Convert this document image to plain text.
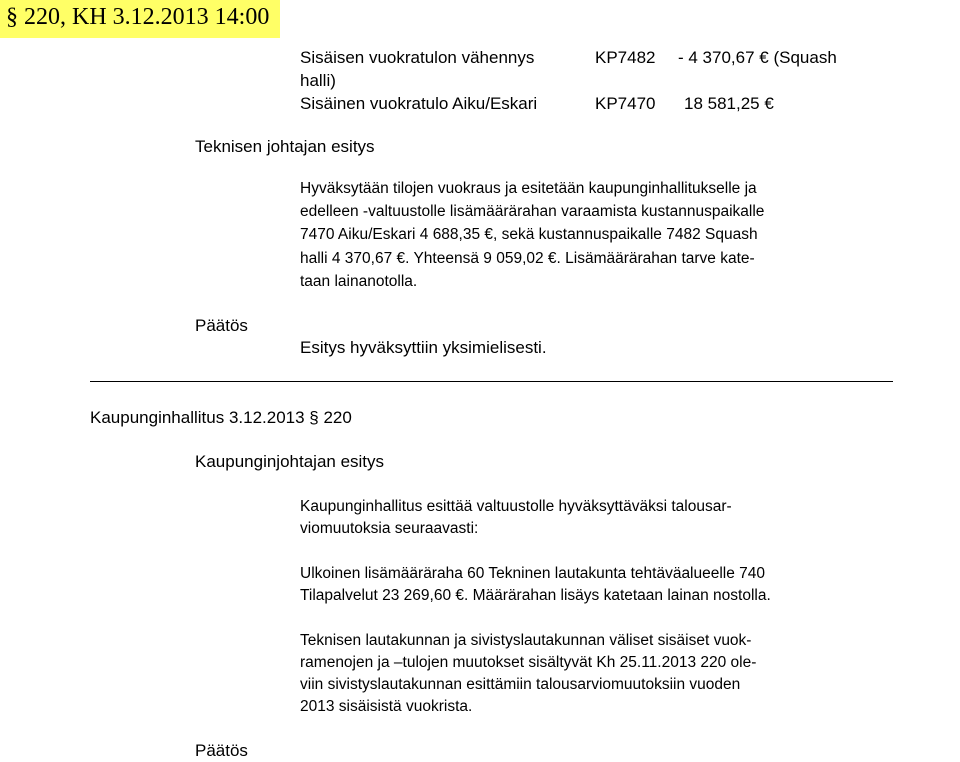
§ 220, KH 3.12.2013 14:00
Sisäisen vuokratulon vähennys	KP7482 - 4 370,67 € (Squash
halli)
Sisäinen vuokratulo Aiku/Eskari	KP7470 18 581,25 €
Teknisen johtajan esitys
Hyväksytään tilojen vuokraus ja esitetään kaupunginhallitukselle ja
edelleen -valtuustolle lisämäärärahan varaamista kustannuspaikalle
7470 Aiku/Eskari 4 688,35 €, sekä kustannuspaikalle 7482 Squash
halli 4 370,67 €. Yhteensä 9 059,02 €. Lisämäärärahan tarve kate-
taan lainanotolla.
Päätös
Esitys hyväksyttiin yksimielisesti.
Kaupunginhallitus 3.12.2013 § 220
Kaupunginjohtajan esitys
Kaupunginhallitus esittää valtuustolle hyväksyttäväksi talousar-
viomuutoksia seuraavasti:
Ulkoinen lisämääräraha 60 Tekninen lautakunta tehtäväalueelle 740
Tilapalvelut 23 269,60 €. Määrärahan lisäys katetaan lainan nostolla.
Teknisen lautakunnan ja sivistyslautakunnan väliset sisäiset vuok-
ramenojen ja –tulojen muutokset sisältyvät Kh 25.11.2013 220 ole-
viin sivistyslautakunnan esittämiin talousarviomuutoksiin vuoden
2013 sisäisistä vuokrista.
Päätös
